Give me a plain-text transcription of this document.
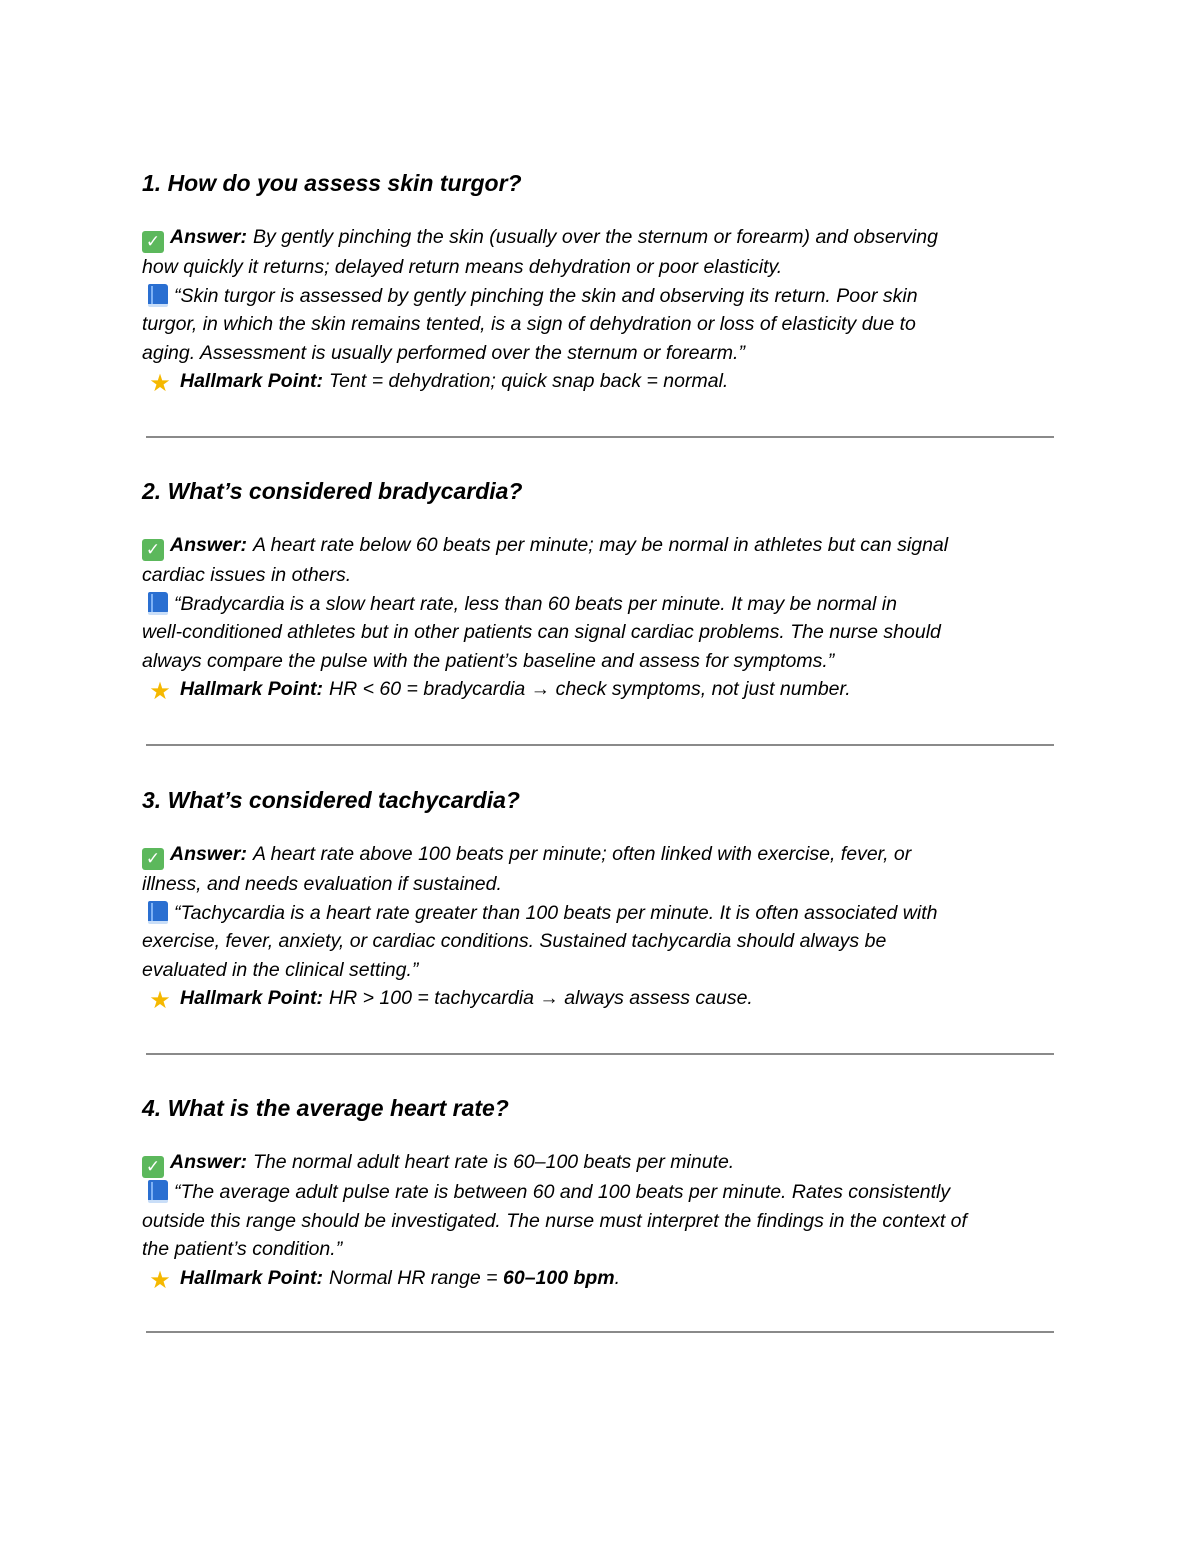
1. How do you assess skin turgor?
✓ Answer: By gently pinching the skin (usually over the sternum or forearm) and observing
how quickly it returns; delayed return means dehydration or poor elasticity.
“Skin turgor is assessed by gently pinching the skin and observing its return. Poor skin
turgor, in which the skin remains tented, is a sign of dehydration or loss of elasticity due to
aging. Assessment is usually performed over the sternum or forearm.”
★ Hallmark Point: Tent = dehydration; quick snap back = normal.
2. What’s considered bradycardia?
✓ Answer: A heart rate below 60 beats per minute; may be normal in athletes but can signal
cardiac issues in others.
“Bradycardia is a slow heart rate, less than 60 beats per minute. It may be normal in
well-conditioned athletes but in other patients can signal cardiac problems. The nurse should
always compare the pulse with the patient’s baseline and assess for symptoms.”
★ Hallmark Point: HR < 60 = bradycardia → check symptoms, not just number.
3. What’s considered tachycardia?
✓ Answer: A heart rate above 100 beats per minute; often linked with exercise, fever, or
illness, and needs evaluation if sustained.
“Tachycardia is a heart rate greater than 100 beats per minute. It is often associated with
exercise, fever, anxiety, or cardiac conditions. Sustained tachycardia should always be
evaluated in the clinical setting.”
★ Hallmark Point: HR > 100 = tachycardia → always assess cause.
4. What is the average heart rate?
✓ Answer: The normal adult heart rate is 60–100 beats per minute.
“The average adult pulse rate is between 60 and 100 beats per minute. Rates consistently
outside this range should be investigated. The nurse must interpret the findings in the context of
the patient’s condition.”
★ Hallmark Point: Normal HR range = 60–100 bpm.
